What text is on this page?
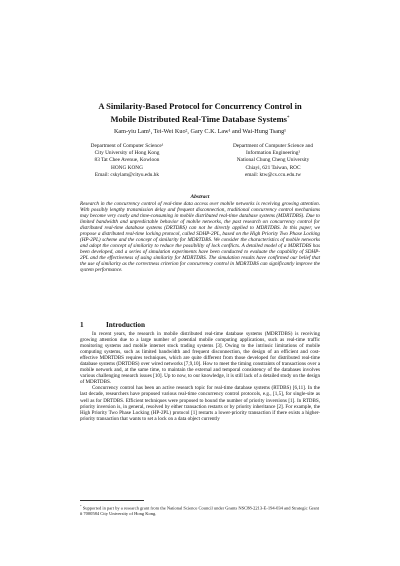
A Similarity-Based Protocol for Concurrency Control in
Mobile Distributed Real-Time Database Systems*
Kam-yiu Lam¹, Tei-Wei Kuo², Gary C.K. Law¹ and Wai-Hung Tsang¹
Department of Computer Science¹
City University of Hong Kong
83 Tat Chee Avenue, Kowloon
HONG KONG
Email: cskylam@cityu.edu.hk
Department of Computer Science and
Information Engineering²
National Chung Cheng University
Chiayi, 621 Taiwan, ROC
email: ktw@cs.ccu.edu.tw
Abstract
Research in the concurrency control of real-time data access over mobile networks is receiving growing attention. With possibly lengthy transmission delay and frequent disconnection, traditional concurrency control mechanisms may become very costly and time-consuming in mobile distributed real-time database systems (MDRTDBS). Due to limited bandwidth and unpredictable behavior of mobile networks, the past research on concurrency control for distributed real-time database systems (DRTDBS) can not be directly applied to MDRTDBS. In this paper, we propose a distributed real-time locking protocol, called SDHP-2PL, based on the High Priority Two Phase Locking (HP-2PL) scheme and the concept of similarity for MDRTDBS. We consider the characteristics of mobile networks and adopt the concept of similarity to reduce the possibility of lock conflicts. A detailed model of a MDRTDBS has been developed, and a series of simulation experiments have been conducted to evaluate the capability of SDHP-2PL and the effectiveness of using similarity for MDRTDBS. The simulation results have confirmed our belief that the use of similarity as the correctness criterion for concurrency control in MDRTDBS can significantly improve the system performance.
1	Introduction

In recent years, the research in mobile distributed real-time database systems (MDRTDBS) is receiving growing attention due to a large number of potential mobile computing applications, such as real-time traffic monitoring systems and mobile internet stock trading systems [3]. Owing to the intrinsic limitations of mobile computing systems, such as limited bandwidth and frequent disconnection, the design of an efficient and cost-effective MDRTDBS requires techniques, which are quite different from those developed for distributed real-time database systems (DRTDBS) over wired networks [7,9,10]. How to meet the timing constraints of transactions over a mobile network and, at the same time, to maintain the external and temporal consistency of the databases involves various challenging research issues [10]. Up to now, to our knowledge, it is still lack of a detailed study on the design of MDRTDBS.

Concurrency control has been an active research topic for real-time database systems (RTDBS) [6,11]. In the last decade, researchers have proposed various real-time concurrency control protocols, e.g., [1,5], for single-site as well as for DRTDBS. Efficient techniques were proposed to bound the number of priority inversions [1]. In RTDBS, priority inversion is, in general, resolved by either transaction restarts or by priority inheritance [2]. For example, the High Priority Two Phase Locking (HP-2PL) protocol [1] restarts a lower-priority transaction if there exists a higher-priority transaction that wants to set a lock on a data object currently

* Supported in part by a research grant from the National Science Council under Grants NSC88-2213-E-194-034 and Strategic Grant # 7000584 City University of Hong Kong.
